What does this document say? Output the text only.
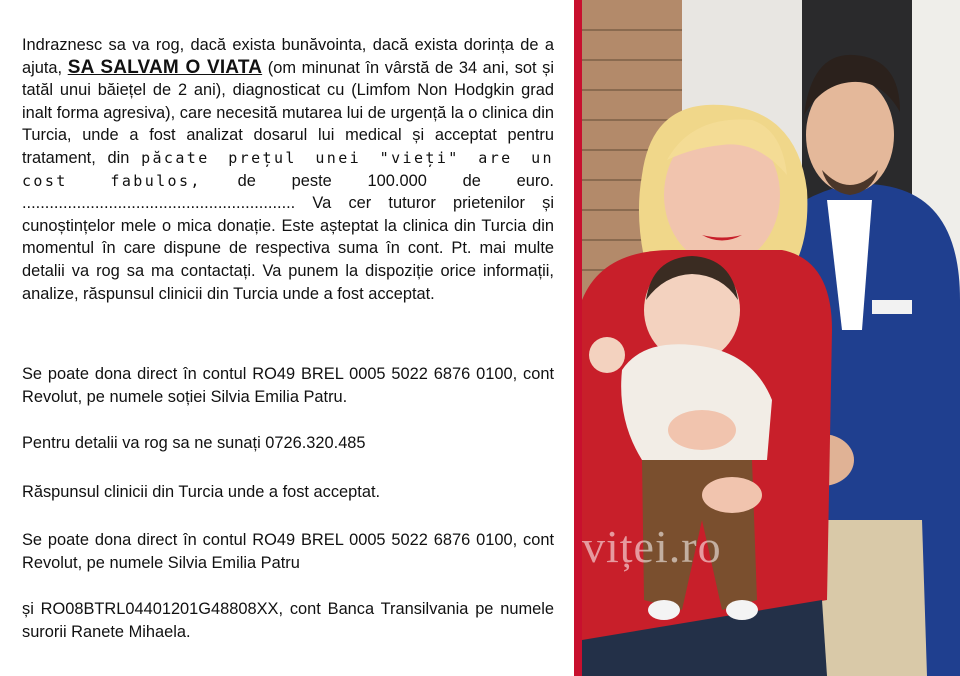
Indraznesc sa va rog, dacă exista bunăvointa, dacă exista dorința de a ajuta, SA SALVAM O VIATA (om minunat în vârstă de 34 ani, sot și tatăl unui băiețel de 2 ani), diagnosticat cu (Limfom Non Hodgkin grad inalt forma agresiva), care necesită mutarea lui de urgență la o clinica din Turcia, unde a fost analizat dosarul lui medical și acceptat pentru tratament, din păcate prețul unei "vieți" are un cost fabulos, de peste 100.000 de euro. ............................................................ Va cer tuturor prietenilor și cunoștințelor mele o mica donație. Este așteptat la clinica din Turcia din momentul în care dispune de respectiva suma în cont. Pt. mai multe detalii va rog sa ma contactați. Va punem la dispoziție orice informații, analize, răspunsul clinicii din Turcia unde a fost acceptat.

Se poate dona direct în contul RO49 BREL 0005 5022 6876 0100, cont Revolut, pe numele soției Silvia Emilia Patru.

Pentru detalii va rog sa ne sunați 0726.320.485

Răspunsul clinicii din Turcia unde a fost acceptat.

Se poate dona direct în contul RO49 BREL 0005 5022 6876 0100, cont Revolut, pe numele Silvia Emilia Patru

și RO08BTRL04401201G48808XX, cont Banca Transilvania pe numele surorii Ranete Mihaela.

viței.ro
